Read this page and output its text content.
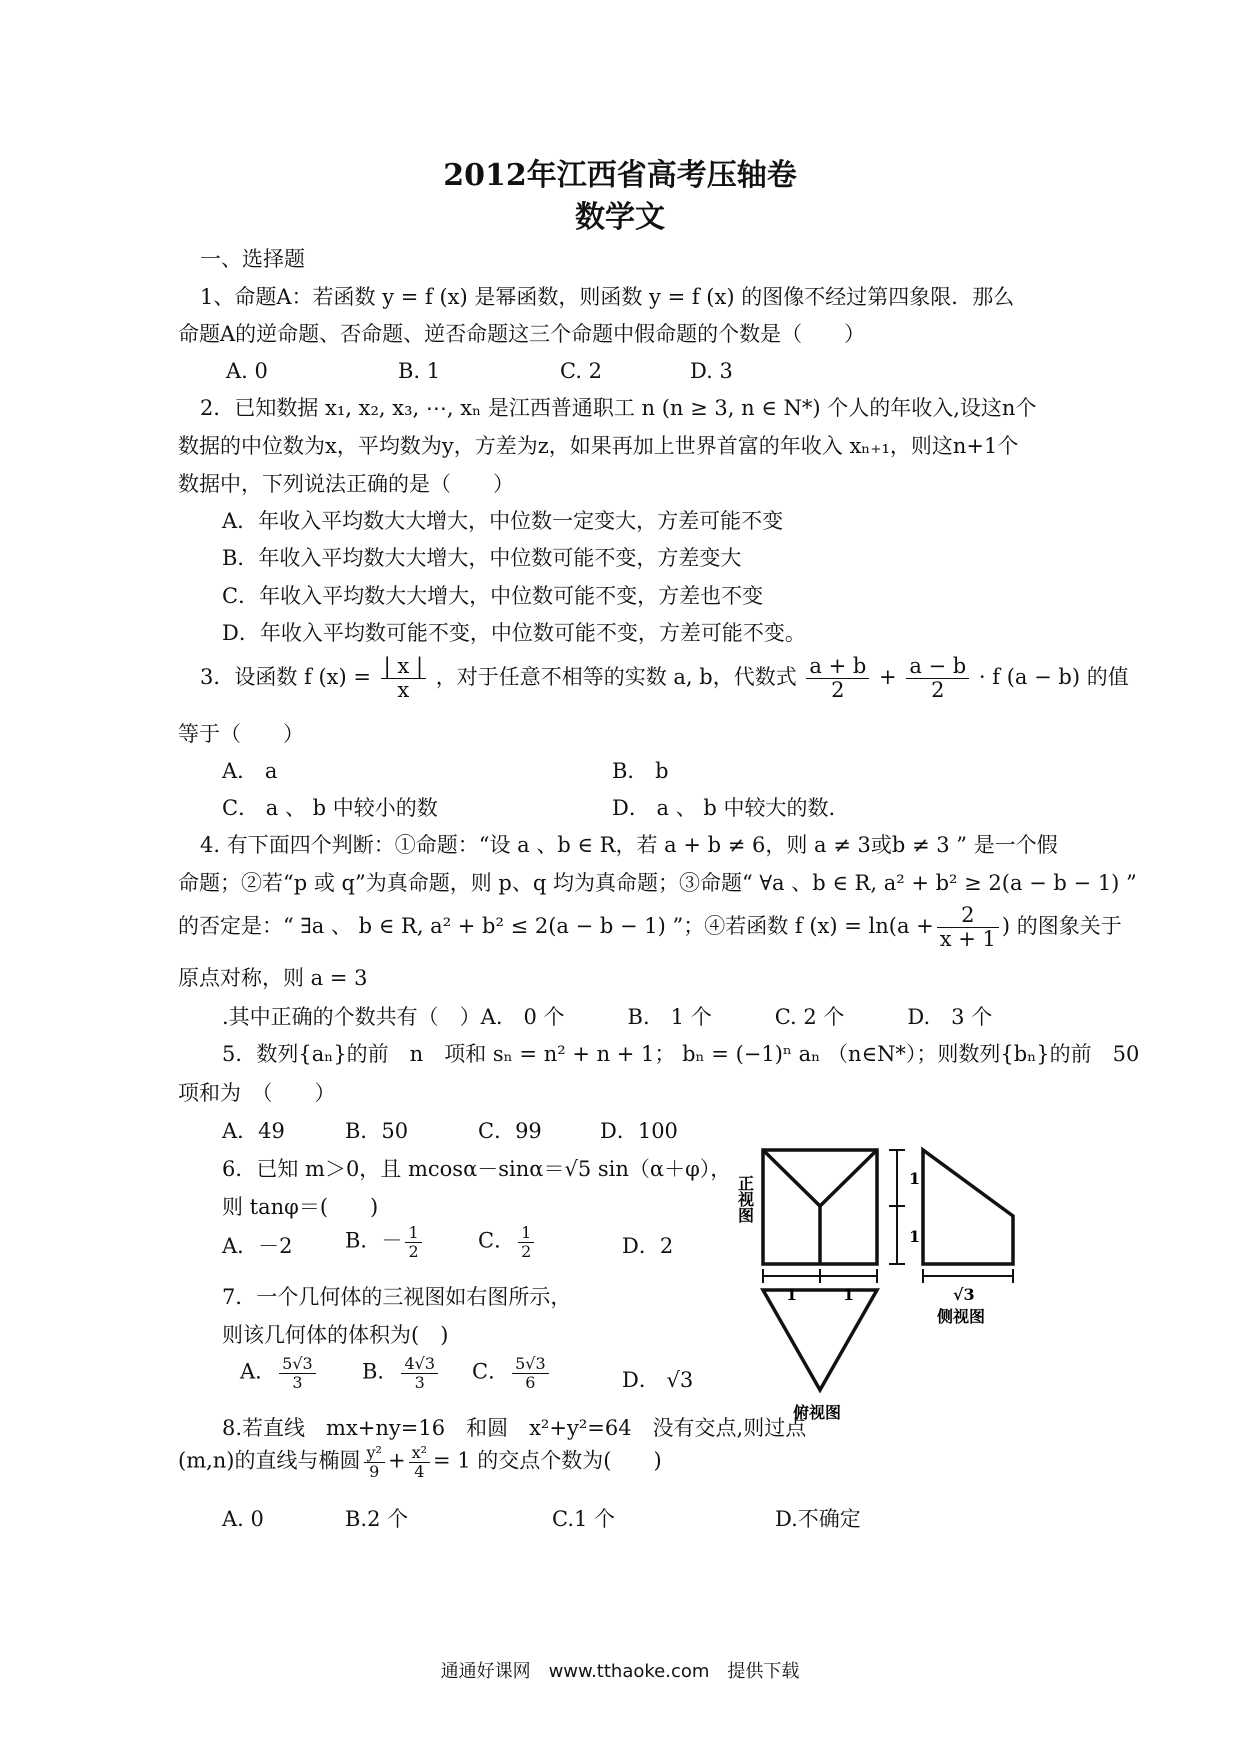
2012年江西省高考压轴卷
数学文
一、选择题
1、命题A：若函数 y = f (x) 是幂函数，则函数 y = f (x) 的图像不经过第四象限．那么
命题A的逆命题、否命题、逆否命题这三个命题中假命题的个数是（　　）
A. 0	B. 1	C. 2	D. 3
2．已知数据 x₁, x₂, x₃, ⋯, xₙ 是江西普通职工 n (n ≥ 3, n ∈ N*) 个人的年收入,设这n个
数据的中位数为x，平均数为y，方差为z，如果再加上世界首富的年收入 xₙ₊₁，则这n+1个
数据中，下列说法正确的是（　　）
A．年收入平均数大大增大，中位数一定变大，方差可能不变
B．年收入平均数大大增大，中位数可能不变，方差变大
C．年收入平均数大大增大，中位数可能不变，方差也不变
D．年收入平均数可能不变，中位数可能不变，方差可能不变。
3．设函数 f $(x) = \frac{| x |}{x}$ ，对于任意不相等的实数 a, b，代数式 $\frac{a + b}{2} + \frac{a - b}{2} \cdot f$ (a − b) 的值
等于（　　）
A． a	B． b
C． a 、 b 中较小的数	D． a 、 b 中较大的数.
4. 有下面四个判断：①命题：“设 a 、b ∈ R，若 a + b ≠ 6，则 a ≠ 3或b ≠ 3 ” 是一个假
命题；②若“p 或 q”为真命题，则 p、q 均为真命题；③命题“ ∀a 、b ∈ R, a² + b² ≥ 2(a − b − 1) ”
的否定是：“ ∃a 、 b ∈ R, a² + b² ≤ 2(a − b − 1) ”；④若函数 f $(x) = \ln(a + \frac{2}{x + 1}$ ) 的图象关于
原点对称，则 a = 3
.其中正确的个数共有（　）A.　0 个　　　B.　1 个　　　C. 2 个　　　D.　3 个
5．数列{aₙ}的前　n　项和 sₙ = n² + n + 1； bₙ = (−1)ⁿ aₙ （n∈N*）；则数列{bₙ}的前　50
项和为　（　　）
A．49	B．50	C．99	D．100
6．已知 m＞0，且 mcosα－sinα＝√5 sin（α＋φ），
则 tanφ＝(　　)
A．－2 B．－ $\frac{1}{2}$	C． $\frac{1}{2}$	D．2
7．一个几何体的三视图如右图所示，
则该几何体的体积为(　)
A． $\frac{5√3}{3}$ B． $\frac{4√3}{3}$ C． $\frac{5√3}{6}$	D． √3
8.若直线　mx+ny=16　和圆　x²+y²=64　没有交点,则过点
(m,n)的直线与椭圆 $\frac{\text{y²}}{9} + \frac{\text{x²}}{4} = 1$ 的交点个数为(　　)
A. 0	B.2 个	C.1 个	D.不确定
正视图	1
1
1	1	√3
侧视图
俯视图
通通好课网　www.tthaoke.com　提供下载
